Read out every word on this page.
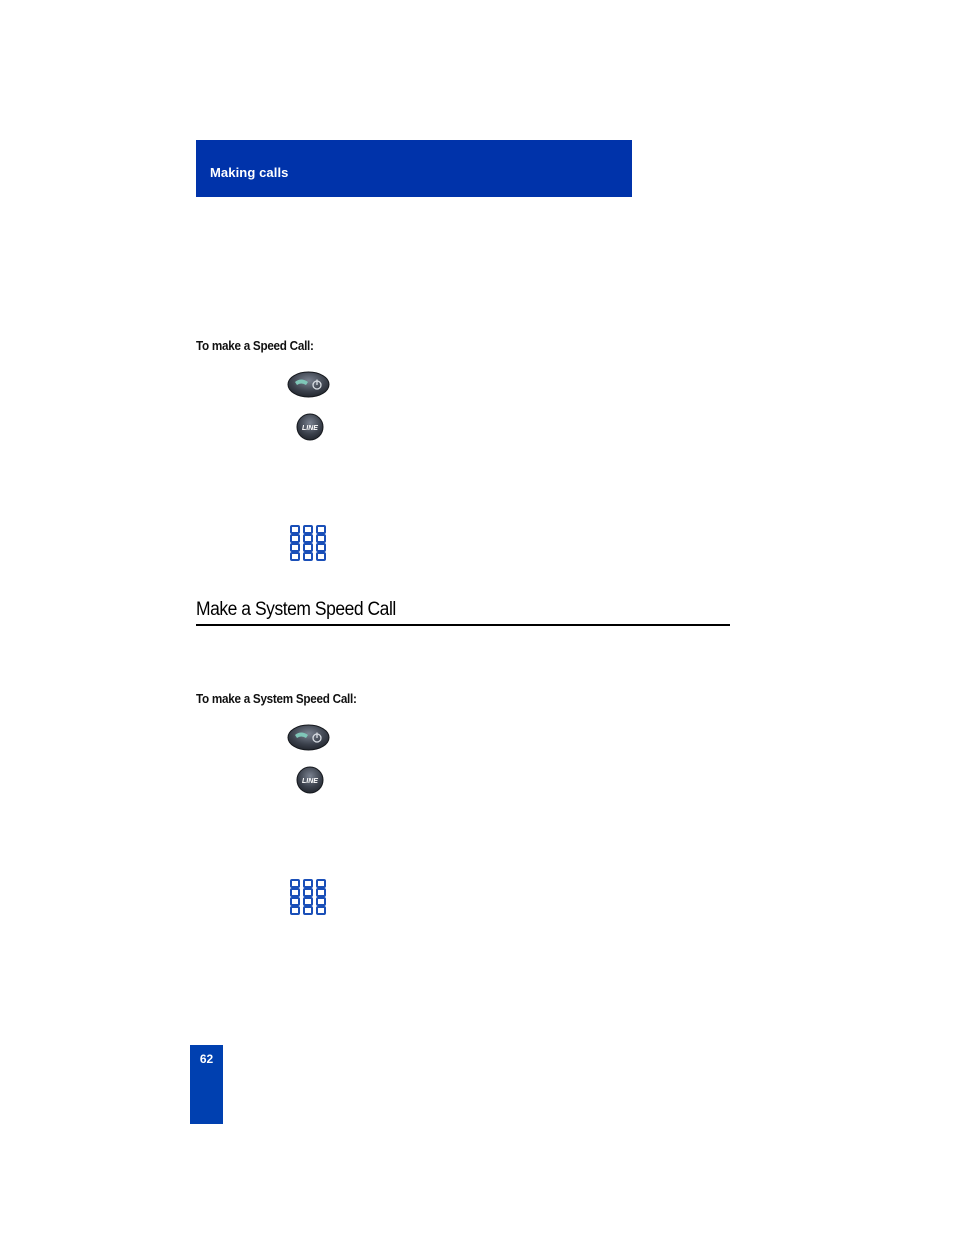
Making calls
To make a Speed Call:
LINE
Make a System Speed Call
To make a System Speed Call:
LINE
62
